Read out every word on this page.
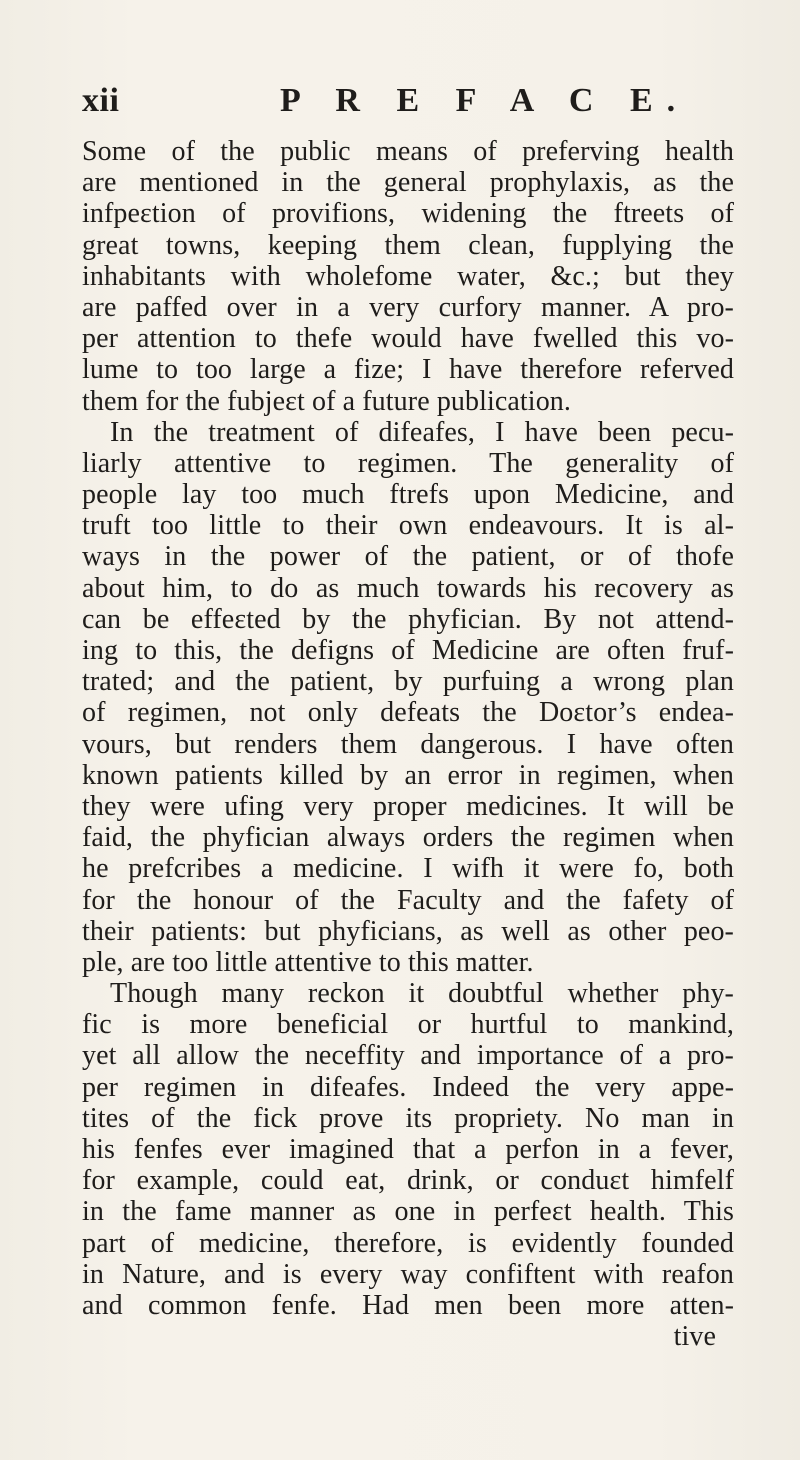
xii	P R E F A C E.
Some of the public means of preferving health
are mentioned in the general prophylaxis, as the
infpeɛtion of provifions, widening the ftreets of
great towns, keeping them clean, fupplying the
inhabitants with wholefome water, &c.; but they
are paffed over in a very curfory manner. A pro-
per attention to thefe would have fwelled this vo-
lume to too large a fize; I have therefore referved
them for the fubjeɛt of a future publication.
In the treatment of difeafes, I have been pecu-
liarly attentive to regimen. The generality of
people lay too much ftrefs upon Medicine, and
truft too little to their own endeavours. It is al-
ways in the power of the patient, or of thofe
about him, to do as much towards his recovery as
can be effeɛted by the phyfician. By not attend-
ing to this, the defigns of Medicine are often fruf-
trated; and the patient, by purfuing a wrong plan
of regimen, not only defeats the Doɛtor’s endea-
vours, but renders them dangerous. I have often
known patients killed by an error in regimen, when
they were ufing very proper medicines. It will be
faid, the phyfician always orders the regimen when
he prefcribes a medicine. I wifh it were fo, both
for the honour of the Faculty and the fafety of
their patients: but phyficians, as well as other peo-
ple, are too little attentive to this matter.
Though many reckon it doubtful whether phy-
fic is more beneficial or hurtful to mankind,
yet all allow the neceffity and importance of a pro-
per regimen in difeafes. Indeed the very appe-
tites of the fick prove its propriety. No man in
his fenfes ever imagined that a perfon in a fever,
for example, could eat, drink, or conduɛt himfelf
in the fame manner as one in perfeɛt health. This
part of medicine, therefore, is evidently founded
in Nature, and is every way confiftent with reafon
and common fenfe. Had men been more atten-
tive
